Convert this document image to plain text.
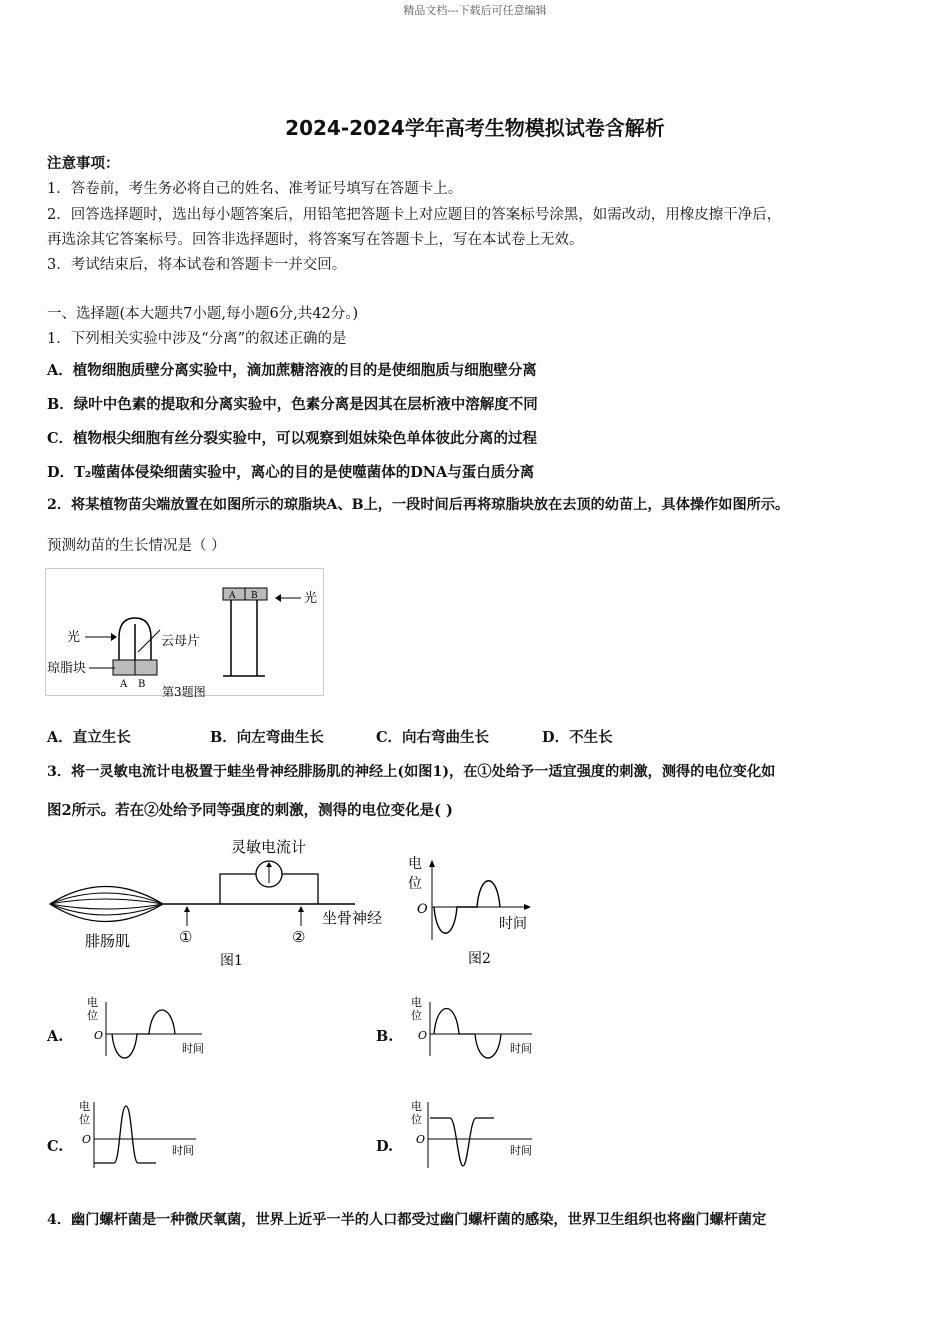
精品文档---下载后可任意编辑
2024-2024学年高考生物模拟试卷含解析
注意事项：
1．答卷前，考生务必将自己的姓名、准考证号填写在答题卡上。
2．回答选择题时，选出每小题答案后，用铅笔把答题卡上对应题目的答案标号涂黑，如需改动，用橡皮擦干净后，
再选涂其它答案标号。回答非选择题时，将答案写在答题卡上，写在本试卷上无效。
3．考试结束后，将本试卷和答题卡一并交回。
一、选择题(本大题共7小题,每小题6分,共42分。)
1．下列相关实验中涉及“分离”的叙述正确的是
A．植物细胞质壁分离实验中，滴加蔗糖溶液的目的是使细胞质与细胞壁分离
B．绿叶中色素的提取和分离实验中，色素分离是因其在层析液中溶解度不同
C．植物根尖细胞有丝分裂实验中，可以观察到姐妹染色单体彼此分离的过程
D．T₂噬菌体侵染细菌实验中，离心的目的是使噬菌体的DNA与蛋白质分离
2．将某植物苗尖端放置在如图所示的琼脂块A、B上，一段时间后再将琼脂块放在去顶的幼苗上，具体操作如图所示。
预测幼苗的生长情况是（ ）
光	云母片
琼脂块
A B
第3题图
A B	光
A．直立生长	B．向左弯曲生长	C．向右弯曲生长	D．不生长
3．将一灵敏电流计电极置于蛙坐骨神经腓肠肌的神经上(如图1)，在①处给予一适宜强度的刺激，测得的电位变化如
图2所示。若在②处给予同等强度的刺激，测得的电位变化是( )
灵敏电流计
①	②
腓肠肌
坐骨神经
图1
电
位
O
时间
图2
A.
电
位
O
时间
B.
电
位
O
时间
C.
电
位
O
时间	D.
电
位
O
时间
4．幽门螺杆菌是一种微厌氧菌，世界上近乎一半的人口都受过幽门螺杆菌的感染，世界卫生组织也将幽门螺杆菌定
